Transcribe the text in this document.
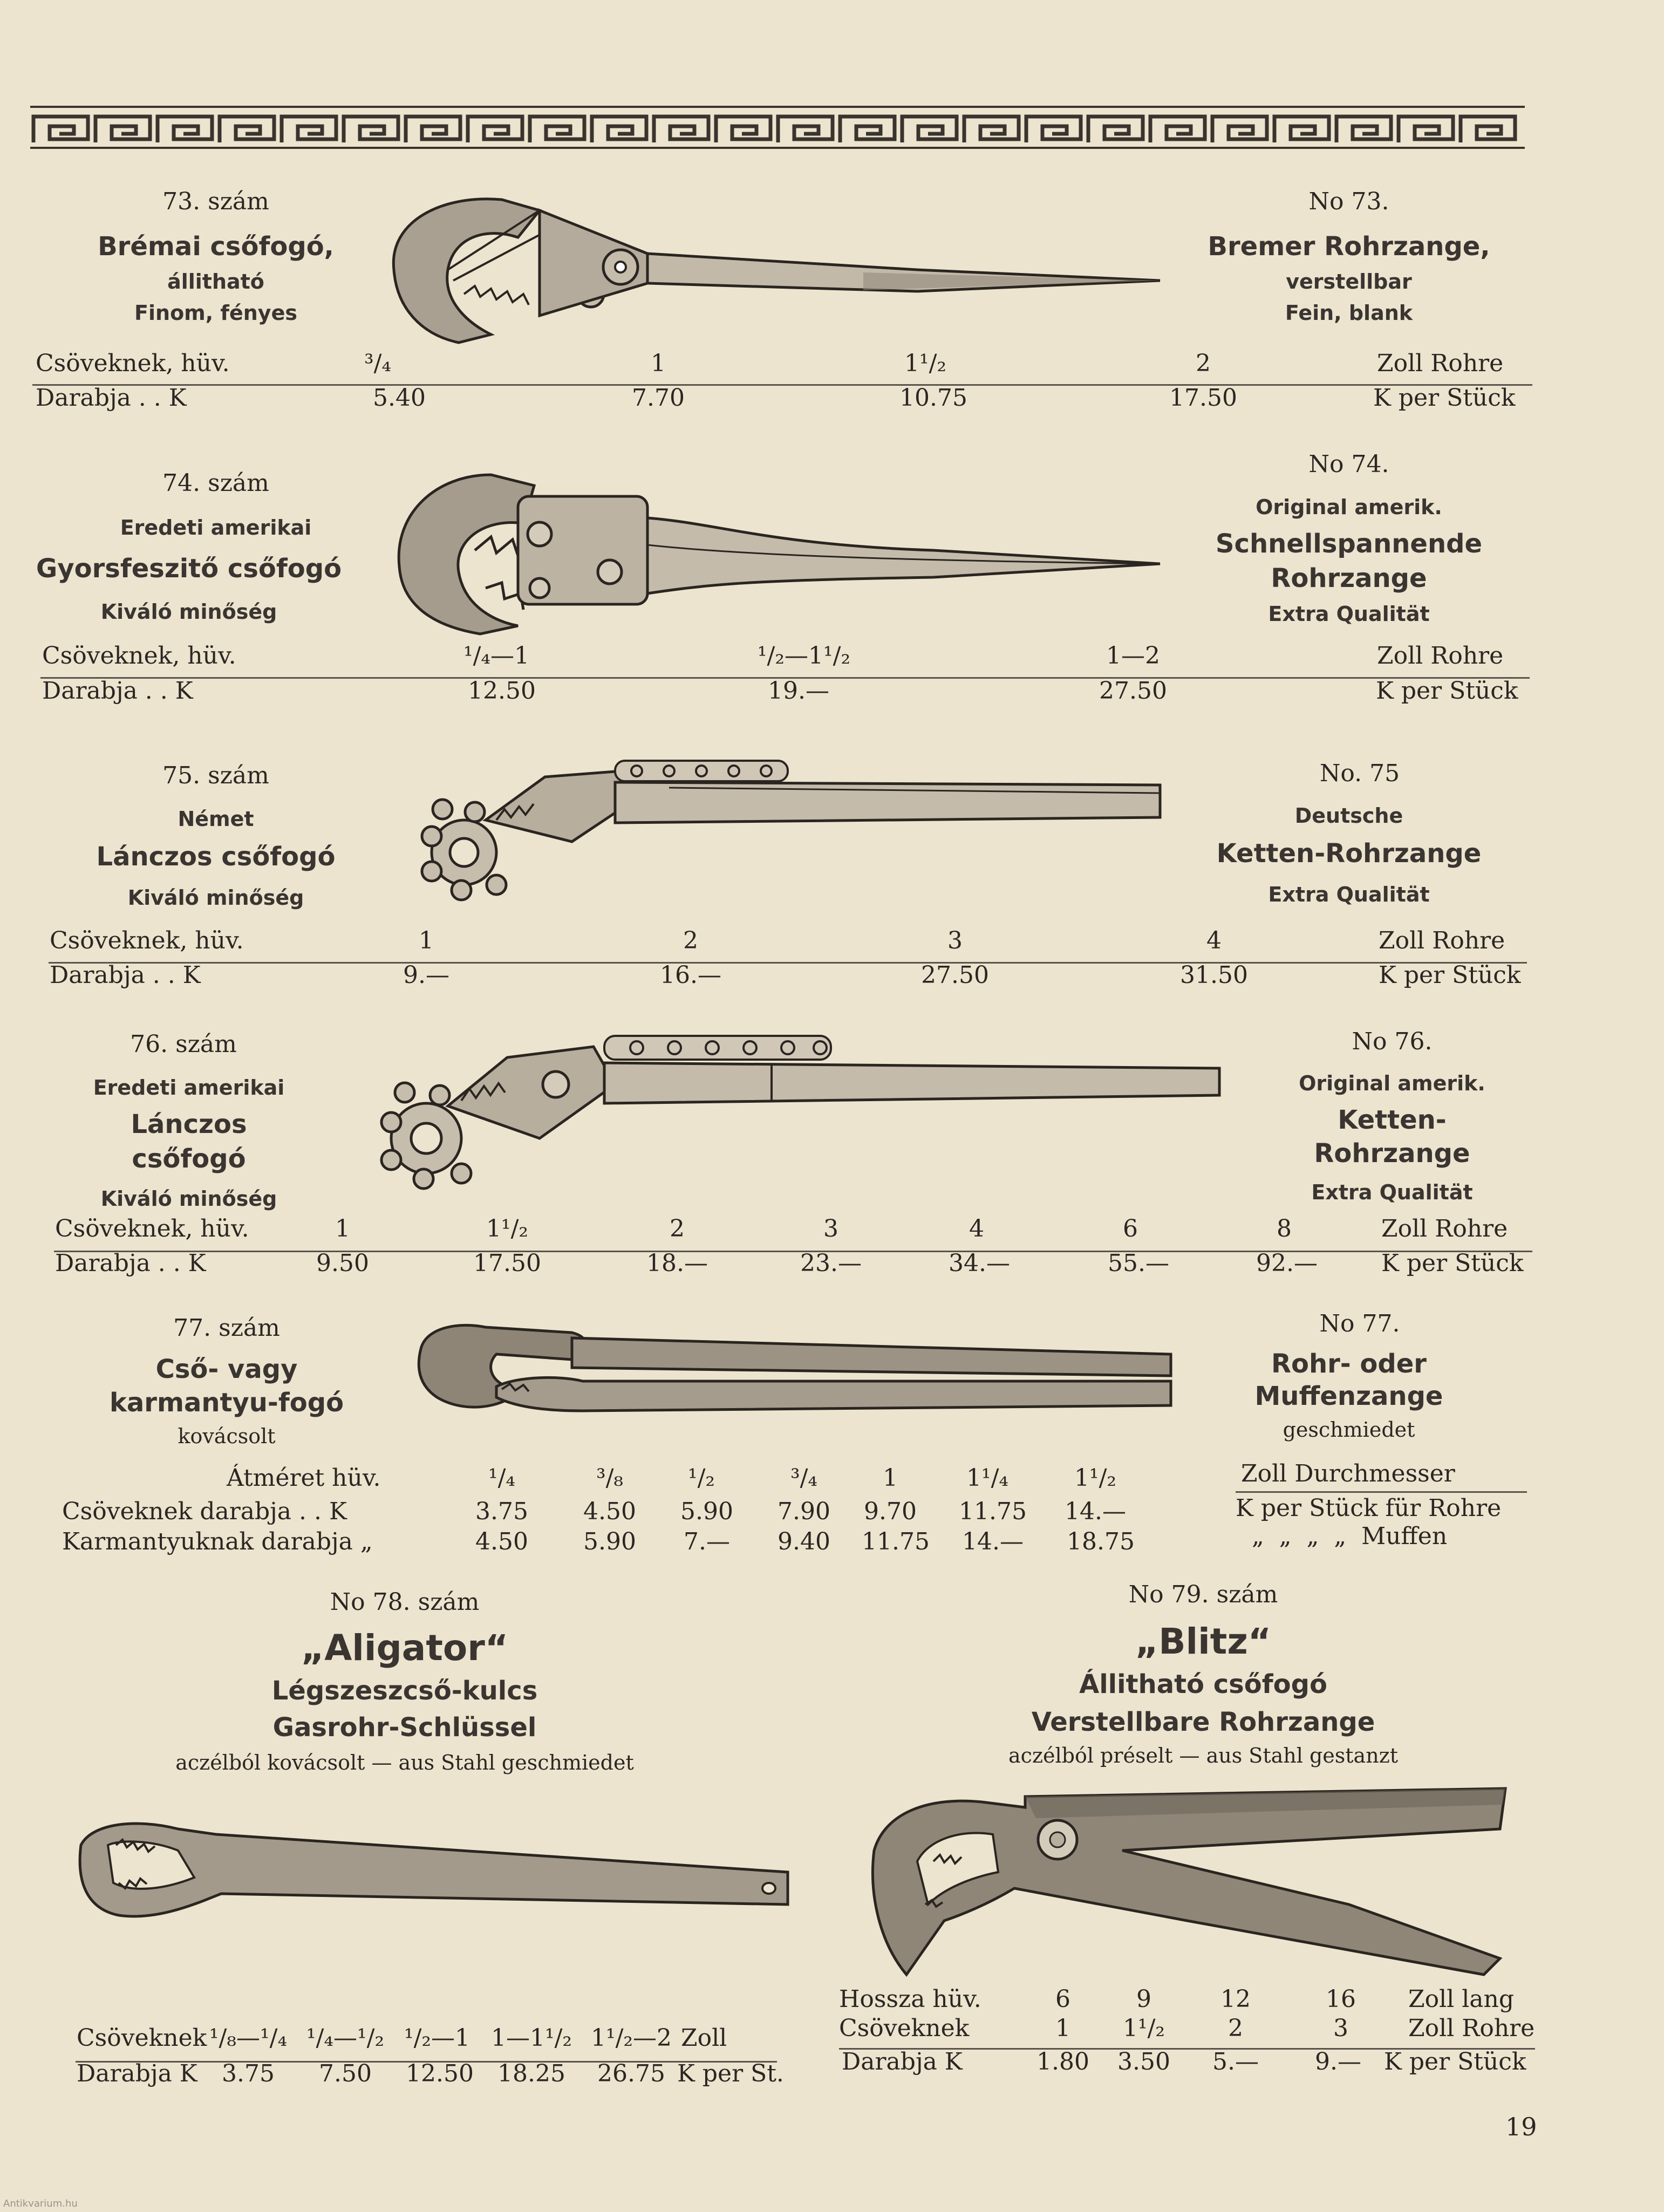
73. szám
Brémai csőfogó,
állitható
Finom, fényes
No 73.
Bremer Rohrzange,
verstellbar
Fein, blank
Csöveknek, hüv.	³/₄	1	1¹/₂	2	Zoll Rohre
Darabja . . K	5.40	7.70	10.75	17.50	K per Stück
74. szám
Eredeti amerikai
Gyorsfeszitő csőfogó
Kiváló minőség
No 74.
Original amerik.
Schnellspannende
Rohrzange
Extra Qualität
Csöveknek, hüv.	¹/₄—1	¹/₂—1¹/₂	1—2	Zoll Rohre
Darabja . . K	12.50	19.—	27.50	K per Stück
75. szám
Német
Lánczos csőfogó
Kiváló minőség
No. 75
Deutsche
Ketten-Rohrzange
Extra Qualität
Csöveknek, hüv.	1	2	3	4	Zoll Rohre
Darabja . . K	9.—	16.—	27.50	31.50	K per Stück
76. szám
Eredeti amerikai
Lánczos
csőfogó
Kiváló minőség
No 76.
Original amerik.
Ketten-
Rohrzange
Extra Qualität
Csöveknek, hüv.	1	1¹/₂	2	3	4	6	8	Zoll Rohre
Darabja . . K	9.50	17.50	18.—	23.—	34.—	55.—	92.—	K per Stück
77. szám
Cső- vagy
karmantyu-fogó
kovácsolt
No 77.
Rohr- oder
Muffenzange
geschmiedet
Átméret hüv.	¹/₄	³/₈	¹/₂	³/₄	1	1¹/₄	1¹/₂	Zoll Durchmesser
Csöveknek darabja . . K	3.75	4.50	5.90	7.90	9.70	11.75	14.—	K per Stück für Rohre
Karmantyuknak darabja „	4.50	5.90	7.—	9.40	11.75	14.—	18.75	„ „ „ „ Muffen
No 78. szám
„Aligator“
Légszeszcső-kulcs
Gasrohr-Schlüssel
aczélból kovácsolt — aus Stahl geschmiedet
Csöveknek ¹/₈—¹/₄ ¹/₄—¹/₂ ¹/₂—1 1—1¹/₂ 1¹/₂—2 Zoll
Darabja K	3.75	7.50	12.50	18.25	26.75 K per St.
No 79. szám
„Blitz“
Állitható csőfogó
Verstellbare Rohrzange
aczélból préselt — aus Stahl gestanzt
Hossza hüv.	6	9	12	16	Zoll lang
Csöveknek	1	1¹/₂	2	3	Zoll Rohre
Darabja K	1.80	3.50	5.—	9.— K per Stück
19
Antikvarium.hu
